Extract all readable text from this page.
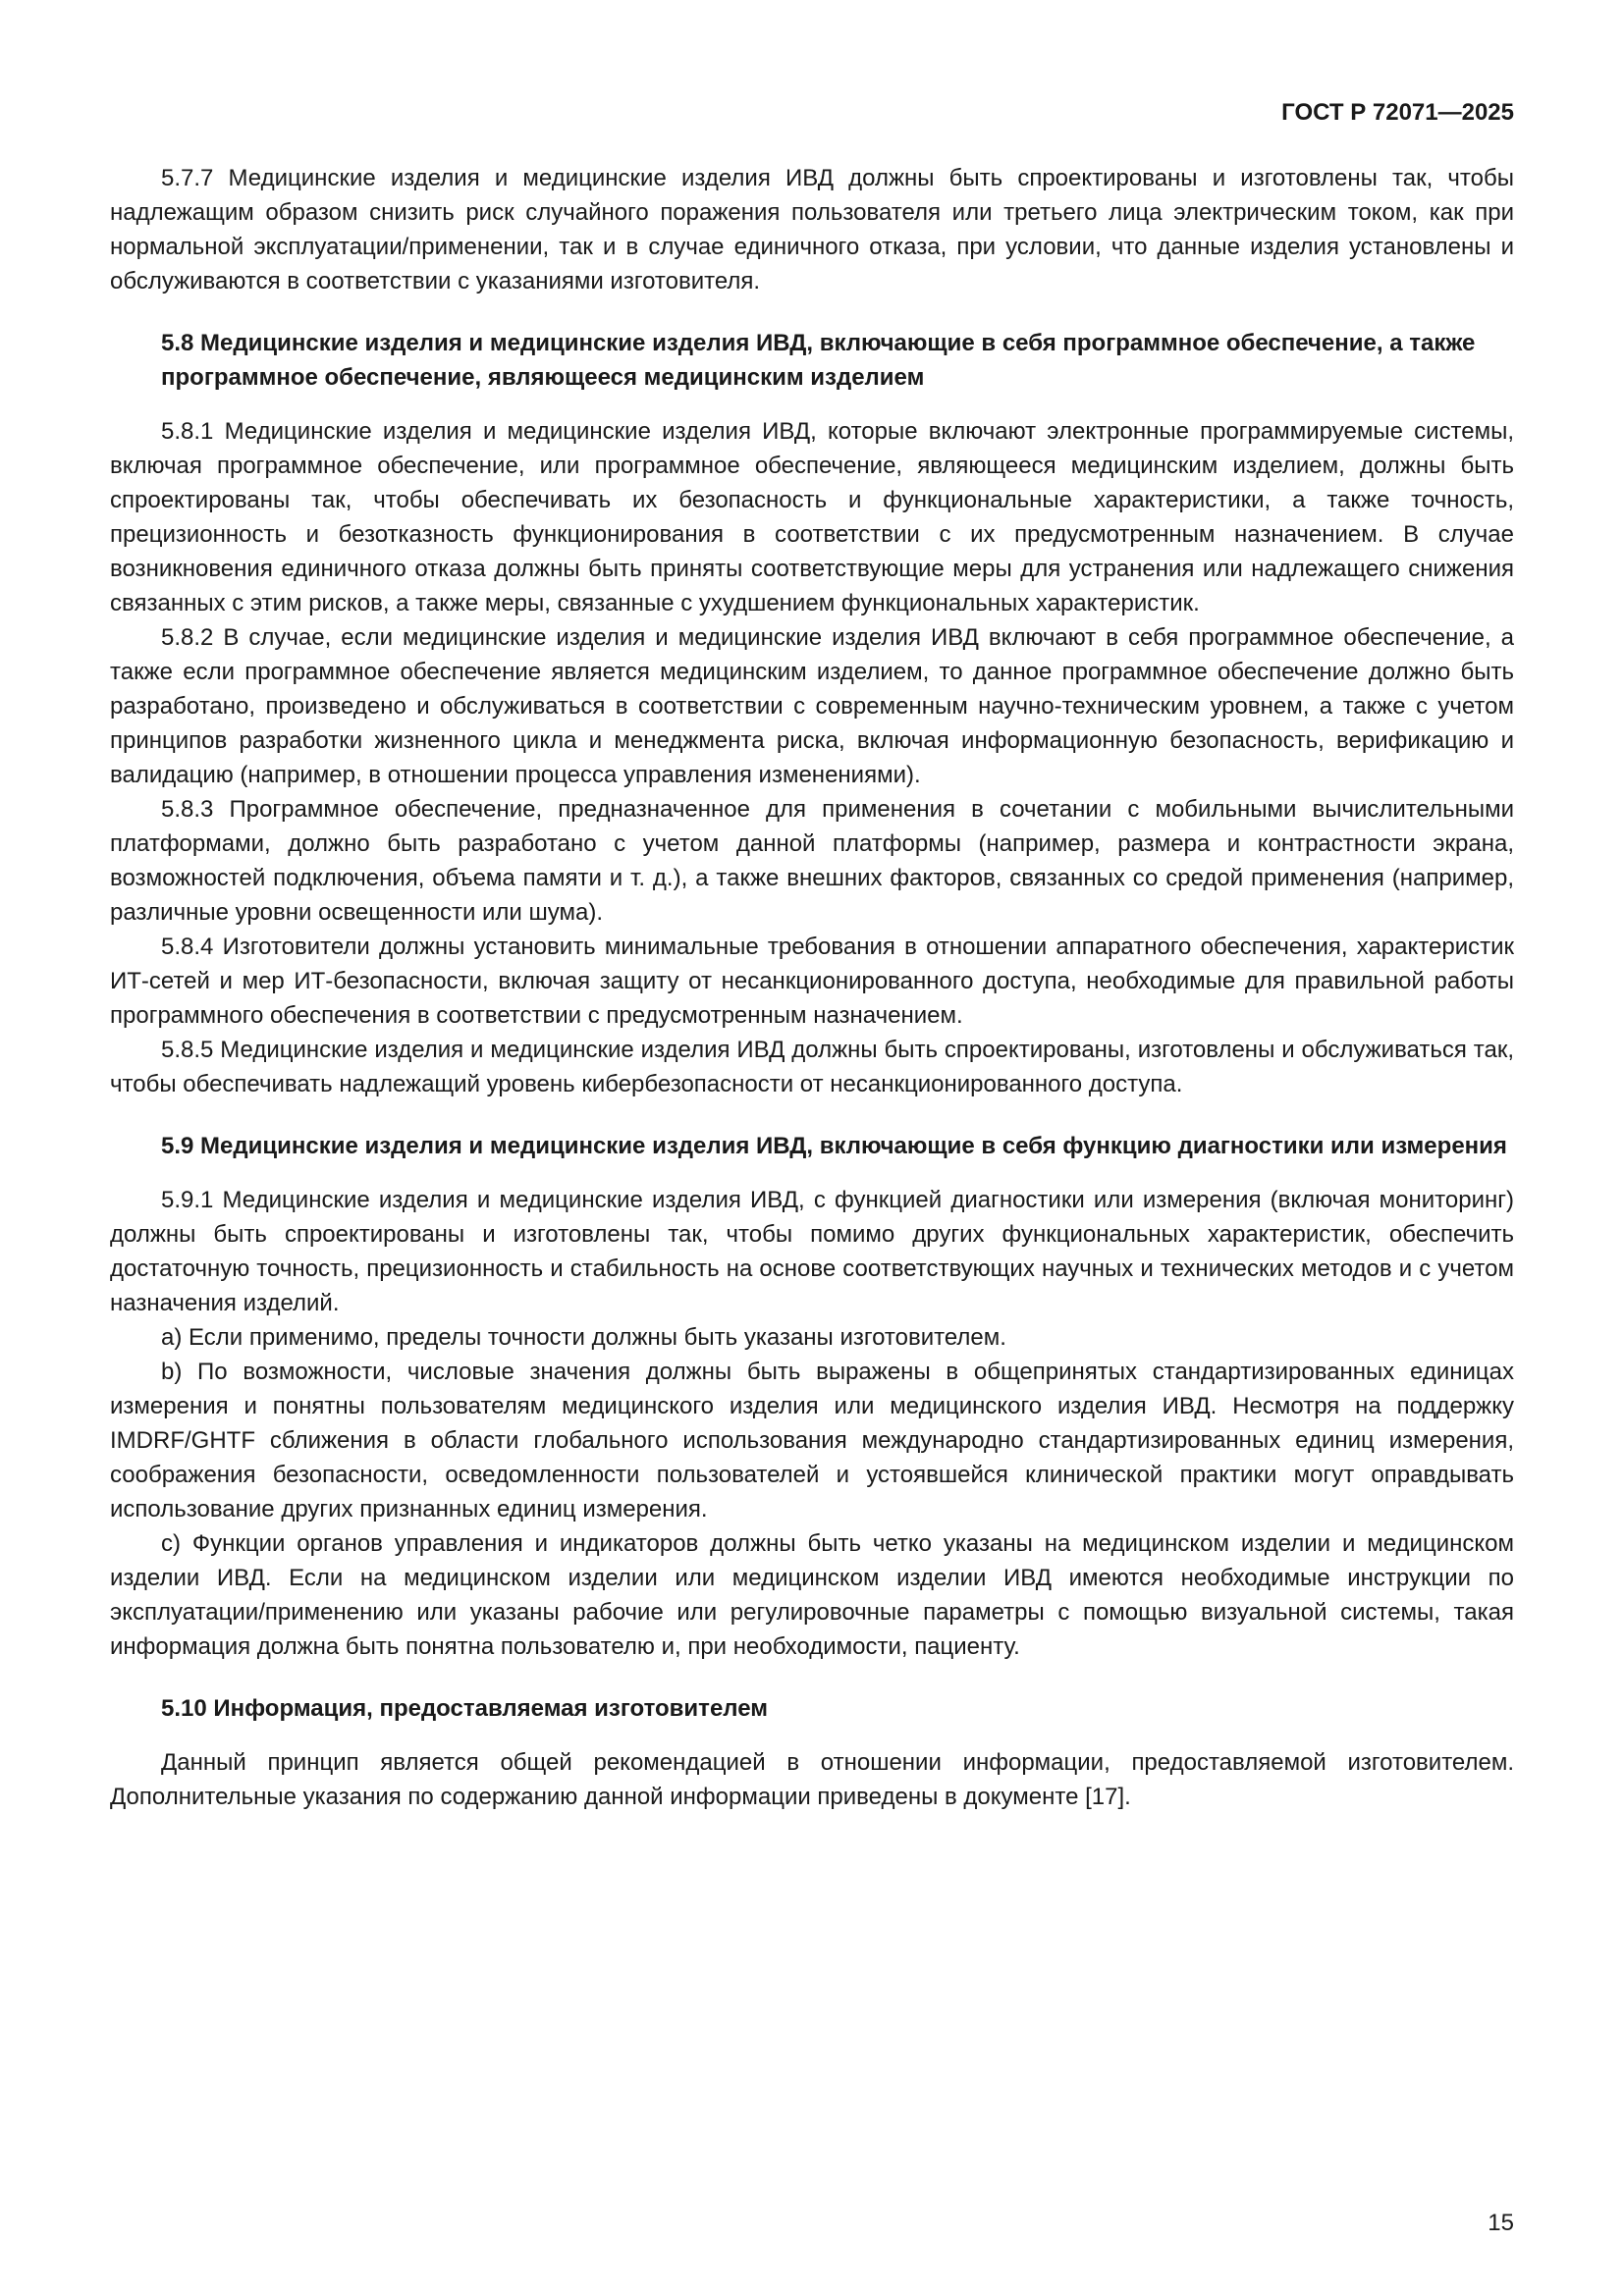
ГОСТ Р 72071—2025

5.7.7 Медицинские изделия и медицинские изделия ИВД должны быть спроектированы и изготовлены так, чтобы надлежащим образом снизить риск случайного поражения пользователя или третьего лица электрическим током, как при нормальной эксплуатации/применении, так и в случае единичного отказа, при условии, что данные изделия установлены и обслуживаются в соответствии с указаниями изготовителя.

5.8 Медицинские изделия и медицинские изделия ИВД, включающие в себя программное обеспечение, а также программное обеспечение, являющееся медицинским изделием

5.8.1 Медицинские изделия и медицинские изделия ИВД, которые включают электронные программируемые системы, включая программное обеспечение, или программное обеспечение, являющееся медицинским изделием, должны быть спроектированы так, чтобы обеспечивать их безопасность и функциональные характеристики, а также точность, прецизионность и безотказность функционирования в соответствии с их предусмотренным назначением. В случае возникновения единичного отказа должны быть приняты соответствующие меры для устранения или надлежащего снижения связанных с этим рисков, а также меры, связанные с ухудшением функциональных характеристик.

5.8.2 В случае, если медицинские изделия и медицинские изделия ИВД включают в себя программное обеспечение, а также если программное обеспечение является медицинским изделием, то данное программное обеспечение должно быть разработано, произведено и обслуживаться в соответствии с современным научно-техническим уровнем, а также с учетом принципов разработки жизненного цикла и менеджмента риска, включая информационную безопасность, верификацию и валидацию (например, в отношении процесса управления изменениями).

5.8.3 Программное обеспечение, предназначенное для применения в сочетании с мобильными вычислительными платформами, должно быть разработано с учетом данной платформы (например, размера и контрастности экрана, возможностей подключения, объема памяти и т. д.), а также внешних факторов, связанных со средой применения (например, различные уровни освещенности или шума).

5.8.4 Изготовители должны установить минимальные требования в отношении аппаратного обеспечения, характеристик ИТ-сетей и мер ИТ-безопасности, включая защиту от несанкционированного доступа, необходимые для правильной работы программного обеспечения в соответствии с предусмотренным назначением.

5.8.5 Медицинские изделия и медицинские изделия ИВД должны быть спроектированы, изготовлены и обслуживаться так, чтобы обеспечивать надлежащий уровень кибербезопасности от несанкционированного доступа.

5.9 Медицинские изделия и медицинские изделия ИВД, включающие в себя функцию диагностики или измерения

5.9.1 Медицинские изделия и медицинские изделия ИВД, с функцией диагностики или измерения (включая мониторинг) должны быть спроектированы и изготовлены так, чтобы помимо других функциональных характеристик, обеспечить достаточную точность, прецизионность и стабильность на основе соответствующих научных и технических методов и с учетом назначения изделий.

а) Если применимо, пределы точности должны быть указаны изготовителем.

b) По возможности, числовые значения должны быть выражены в общепринятых стандартизированных единицах измерения и понятны пользователям медицинского изделия или медицинского изделия ИВД. Несмотря на поддержку IMDRF/GHTF сближения в области глобального использования международно стандартизированных единиц измерения, соображения безопасности, осведомленности пользователей и устоявшейся клинической практики могут оправдывать использование других признанных единиц измерения.

с) Функции органов управления и индикаторов должны быть четко указаны на медицинском изделии и медицинском изделии ИВД. Если на медицинском изделии или медицинском изделии ИВД имеются необходимые инструкции по эксплуатации/применению или указаны рабочие или регулировочные параметры с помощью визуальной системы, такая информация должна быть понятна пользователю и, при необходимости, пациенту.

5.10 Информация, предоставляемая изготовителем

Данный принцип является общей рекомендацией в отношении информации, предоставляемой изготовителем. Дополнительные указания по содержанию данной информации приведены в документе [17].

15
